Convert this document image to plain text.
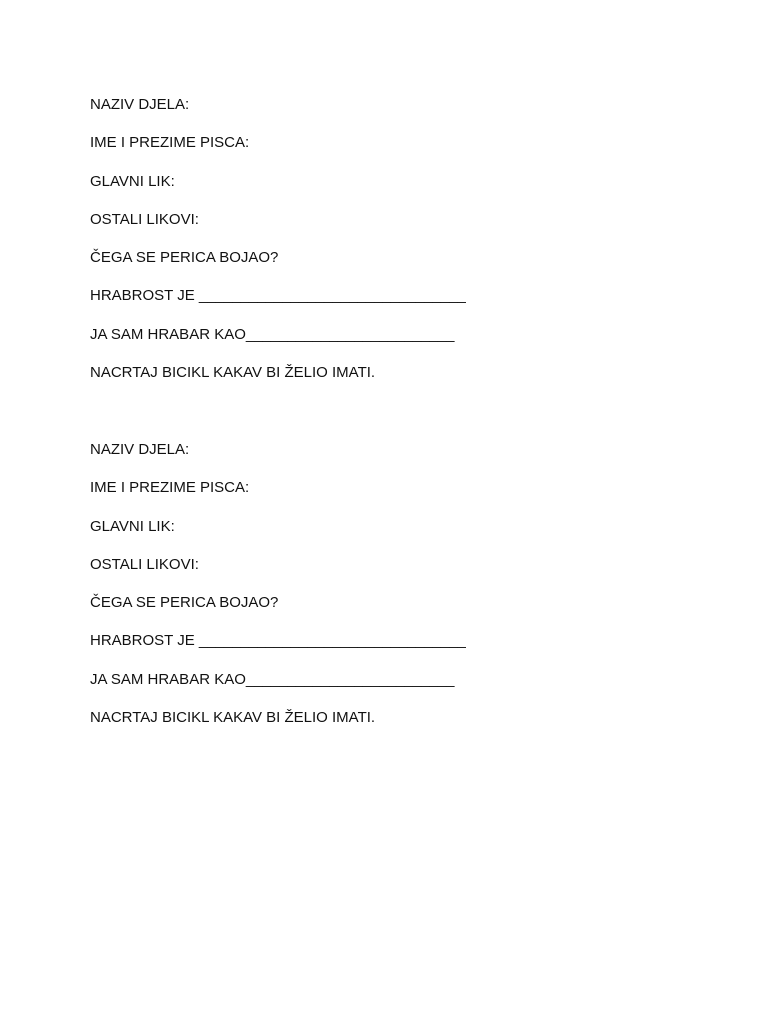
NAZIV DJELA:
IME I PREZIME PISCA:
GLAVNI LIK:
OSTALI LIKOVI:
ČEGA SE PERICA BOJAO?
HRABROST JE ________________________________
JA SAM HRABAR KAO_________________________
NACRTAJ BICIKL KAKAV BI ŽELIO IMATI.
NAZIV DJELA:
IME I PREZIME PISCA:
GLAVNI LIK:
OSTALI LIKOVI:
ČEGA SE PERICA BOJAO?
HRABROST JE ________________________________
JA SAM HRABAR KAO_________________________
NACRTAJ BICIKL KAKAV BI ŽELIO IMATI.
